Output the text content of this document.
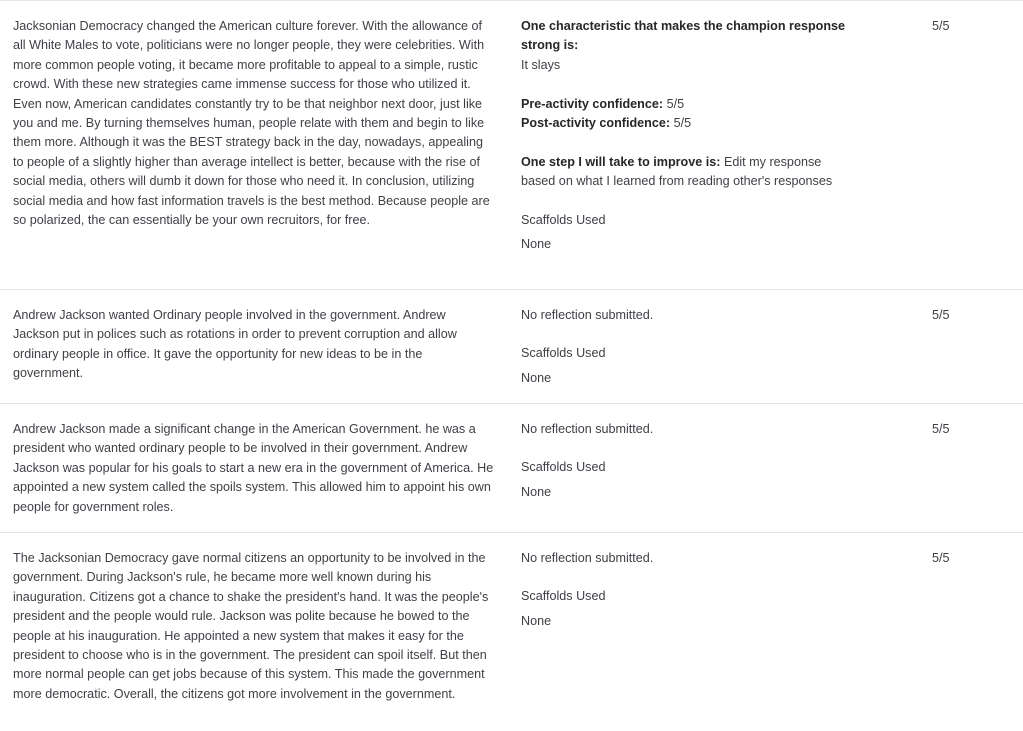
Jacksonian Democracy changed the American culture forever. With the allowance of all White Males to vote, politicians were no longer people, they were celebrities. With more common people voting, it became more profitable to appeal to a simple, rustic crowd. With these new strategies came immense success for those who utilized it. Even now, American candidates constantly try to be that neighbor next door, just like you and me. By turning themselves human, people relate with them and begin to like them more. Although it was the BEST strategy back in the day, nowadays, appealing to people of a slightly higher than average intellect is better, because with the rise of social media, others will dumb it down for those who need it. In conclusion, utilizing social media and how fast information travels is the best method. Because people are so polarized, the can essentially be your own recruitors, for free.

One characteristic that makes the champion response strong is:

It slays

Pre-activity confidence: 5/5

Post-activity confidence: 5/5

One step I will take to improve is: Edit my response based on what I learned from reading other's responses

Scaffolds Used

None

5/5
Andrew Jackson wanted Ordinary people involved in the government. Andrew Jackson put in polices such as rotations in order to prevent corruption and allow ordinary people in office. It gave the opportunity for new ideas to be in the government.

No reflection submitted.

Scaffolds Used

None

5/5
Andrew Jackson made a significant change in the American Government. he was a president who wanted ordinary people to be involved in their government. Andrew Jackson was popular for his goals to start a new era in the government of America. He appointed a new system called the spoils system. This allowed him to appoint his own people for government roles.

No reflection submitted.

Scaffolds Used

None

5/5
The Jacksonian Democracy gave normal citizens an opportunity to be involved in the government. During Jackson's rule, he became more well known during his inauguration. Citizens got a chance to shake the president's hand. It was the people's president and the people would rule. Jackson was polite because he bowed to the people at his inauguration. He appointed a new system that makes it easy for the president to choose who is in the government. The president can spoil itself. But then more normal people can get jobs because of this system. This made the government more democratic. Overall, the citizens got more involvement in the government.

No reflection submitted.

Scaffolds Used

None

5/5
